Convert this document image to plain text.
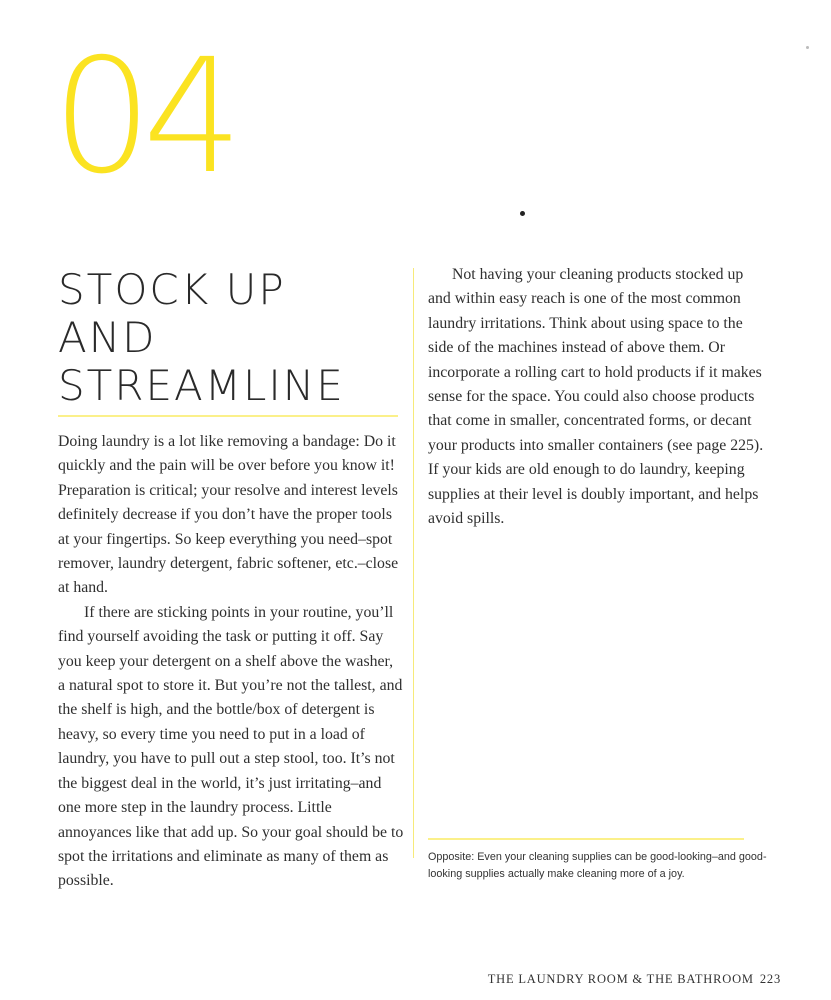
04
STOCK UP
AND
STREAMLINE

Doing laundry is a lot like removing a bandage: Do it quickly and the pain will be over before you know it! Preparation is critical; your resolve and interest levels definitely decrease if you don’t have the proper tools at your fingertips. So keep everything you need–spot remover, laundry detergent, fabric softener, etc.–close at hand.

If there are sticking points in your routine, you’ll find yourself avoiding the task or putting it off. Say you keep your detergent on a shelf above the washer, a natural spot to store it. But you’re not the tallest, and the shelf is high, and the bottle/box of detergent is heavy, so every time you need to put in a load of laundry, you have to pull out a step stool, too. It’s not the biggest deal in the world, it’s just irritating–and one more step in the laundry process. Little annoyances like that add up. So your goal should be to spot the irritations and eliminate as many of them as possible.

Not having your cleaning products stocked up and within easy reach is one of the most common laundry irritations. Think about using space to the side of the machines instead of above them. Or incorporate a rolling cart to hold products if it makes sense for the space. You could also choose products that come in smaller, concentrated forms, or decant your products into smaller containers (see page 225). If your kids are old enough to do laundry, keeping supplies at their level is doubly important, and helps avoid spills.

Opposite: Even your cleaning supplies can be good-looking–and good-looking supplies actually make cleaning more of a joy.
THE LAUNDRY ROOM & THE BATHROOM 223
